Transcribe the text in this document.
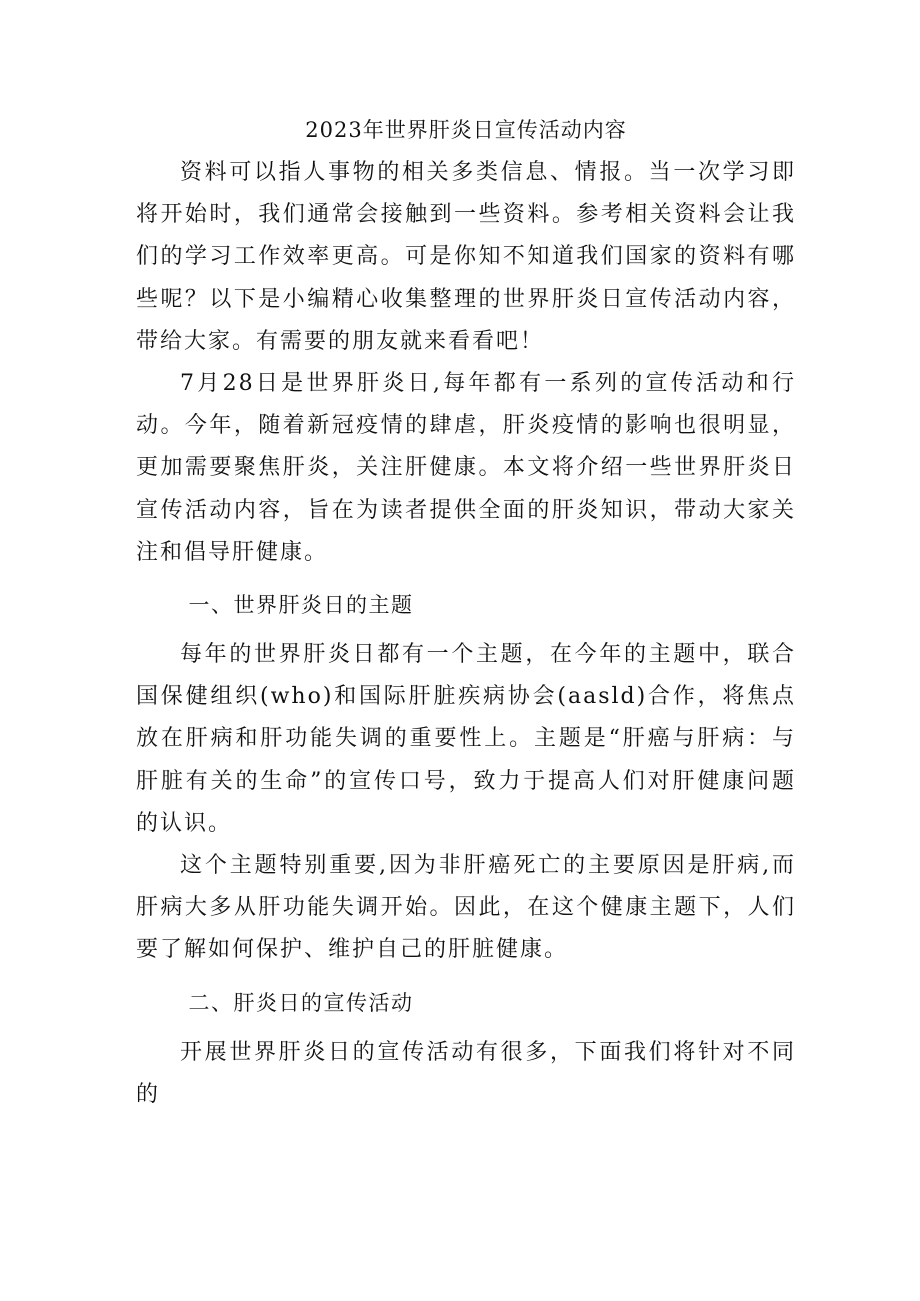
2023年世界肝炎日宣传活动内容

资料可以指人事物的相关多类信息、情报。当一次学习即将开始时，我们通常会接触到一些资料。参考相关资料会让我们的学习工作效率更高。可是你知不知道我们国家的资料有哪些呢？以下是小编精心收集整理的世界肝炎日宣传活动内容，带给大家。有需要的朋友就来看看吧！

7月28日是世界肝炎日,每年都有一系列的宣传活动和行动。今年，随着新冠疫情的肆虐，肝炎疫情的影响也很明显，更加需要聚焦肝炎，关注肝健康。本文将介绍一些世界肝炎日宣传活动内容，旨在为读者提供全面的肝炎知识，带动大家关注和倡导肝健康。

一、世界肝炎日的主题

每年的世界肝炎日都有一个主题，在今年的主题中，联合国保健组织(who)和国际肝脏疾病协会(aasld)合作，将焦点放在肝病和肝功能失调的重要性上。主题是“肝癌与肝病：与肝脏有关的生命”的宣传口号，致力于提高人们对肝健康问题的认识。

这个主题特别重要,因为非肝癌死亡的主要原因是肝病,而肝病大多从肝功能失调开始。因此，在这个健康主题下，人们要了解如何保护、维护自己的肝脏健康。

二、肝炎日的宣传活动

开展世界肝炎日的宣传活动有很多，下面我们将针对不同的
